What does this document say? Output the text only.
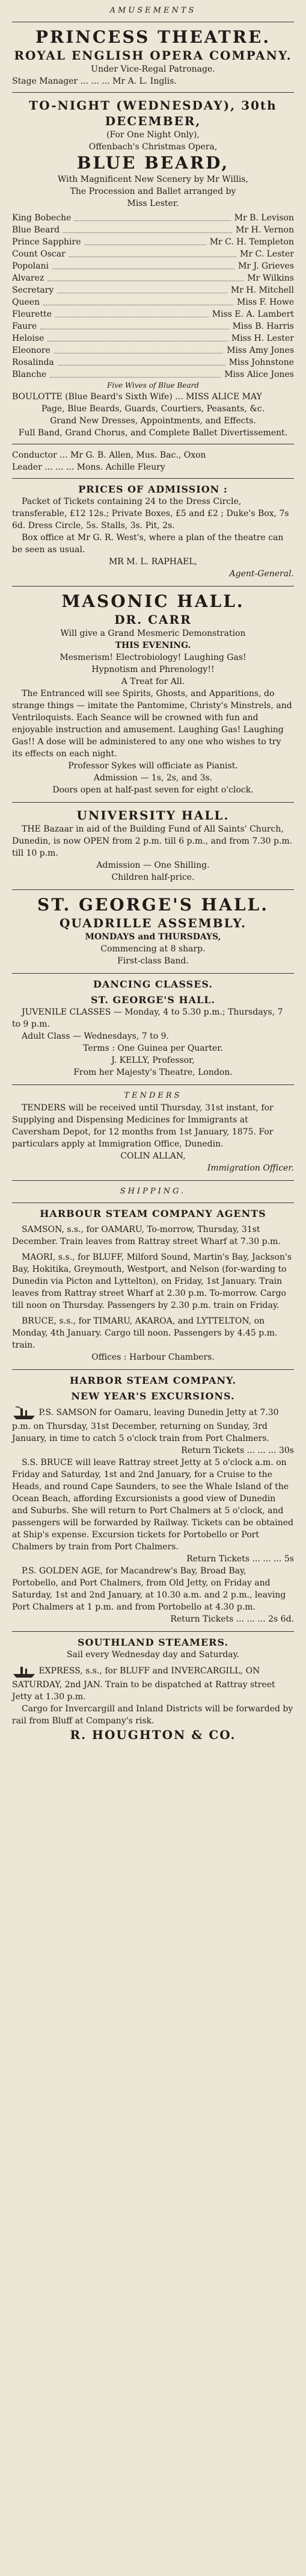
AMUSEMENTS
PRINCESS THEATRE.
ROYAL ENGLISH OPERA COMPANY.
Under Vice-Regal Patronage.
Stage Manager ... ... ... Mr A. L. Inglis.
TO-NIGHT (WEDNESDAY), 30th DECEMBER,
(For One Night Only),
Offenbach's Christmas Opera,
BLUE BEARD,
With Magnificent New Scenery by Mr Willis,
The Procession and Ballet arranged by
Miss Lester.
King Bobeche	Mr B. Levison
Blue Beard	Mr H. Vernon
Prince Sapphire	Mr C. H. Templeton
Count Oscar	Mr C. Lester
Popolani	Mr J. Grieves
Alvarez	Mr Wilkins
Secretary	Mr H. Mitchell
Queen	Miss F. Howe
Fleurette	Miss E. A. Lambert
Faure	Miss B. Harris
Heloise	Miss H. Lester
Eleonore	Miss Amy Jones
Rosalinda	Miss Johnstone
Blanche	Miss Alice Jones
Five Wives of Blue Beard
BOULOTTE (Blue Beard's Sixth Wife) ... MISS ALICE MAY
Page, Blue Beards, Guards, Courtiers, Peasants, &c.
Grand New Dresses, Appointments, and Effects.
Full Band, Grand Chorus, and Complete Ballet Divertissement.
Conductor ... Mr G. B. Allen, Mus. Bac., Oxon
Leader ... ... ... Mons. Achille Fleury
PRICES OF ADMISSION :
Packet of Tickets containing 24 to the Dress Circle, transferable, £12 12s.; Private Boxes, £5 and £2 ; Duke's Box, 7s 6d. Dress Circle, 5s. Stalls, 3s. Pit, 2s.
Box office at Mr G. R. West's, where a plan of the theatre can be seen as usual.
MR M. L. RAPHAEL,
Agent-General.
MASONIC HALL.
DR. CARR
Will give a Grand Mesmeric Demonstration
THIS EVENING.
Mesmerism! Electrobiology! Laughing Gas!
Hypnotism and Phrenology!!
A Treat for All.
The Entranced will see Spirits, Ghosts, and Apparitions, do strange things — imitate the Pantomime, Christy's Minstrels, and Ventriloquists. Each Seance will be crowned with fun and enjoyable instruction and amusement. Laughing Gas! Laughing Gas!! A dose will be administered to any one who wishes to try its effects on each night.
Professor Sykes will officiate as Pianist.
Admission — 1s, 2s, and 3s.
Doors open at half-past seven for eight o'clock.
UNIVERSITY HALL.
THE Bazaar in aid of the Building Fund of All Saints' Church, Dunedin, is now OPEN from 2 p.m. till 6 p.m., and from 7.30 p.m. till 10 p.m.
Admission — One Shilling.
Children half-price.
ST. GEORGE'S HALL.
QUADRILLE ASSEMBLY.
MONDAYS and THURSDAYS,
Commencing at 8 sharp.
First-class Band.
DANCING CLASSES.
ST. GEORGE'S HALL.
JUVENILE CLASSES — Monday, 4 to 5.30 p.m.; Thursdays, 7 to 9 p.m.
Adult Class — Wednesdays, 7 to 9.
Terms : One Guinea per Quarter.
J. KELLY, Professor,
From her Majesty's Theatre, London.
TENDERS
TENDERS will be received until Thursday, 31st instant, for Supplying and Dispensing Medicines for Immigrants at Caversham Depot, for 12 months from 1st January, 1875. For particulars apply at Immigration Office, Dunedin.
COLIN ALLAN,
Immigration Officer.
SHIPPING.
HARBOUR STEAM COMPANY AGENTS
SAMSON, s.s., for OAMARU, To-morrow, Thursday, 31st December. Train leaves from Rattray street Wharf at 7.30 p.m.
MAORI, s.s., for BLUFF, Milford Sound, Martin's Bay, Jackson's Bay, Hokitika, Greymouth, Westport, and Nelson (for-warding to Dunedin via Picton and Lyttelton), on Friday, 1st January. Train leaves from Rattray street Wharf at 2.30 p.m. To-morrow. Cargo till noon on Thursday. Passengers by 2.30 p.m. train on Friday.
BRUCE, s.s., for TIMARU, AKAROA, and LYTTELTON, on Monday, 4th January. Cargo till noon. Passengers by 4.45 p.m. train.
Offices : Harbour Chambers.
HARBOR STEAM COMPANY.
NEW YEAR'S EXCURSIONS.
P.S. SAMSON for Oamaru, leaving Dunedin Jetty at 7.30 p.m. on Thursday, 31st December, returning on Sunday, 3rd January, in time to catch 5 o'clock train from Port Chalmers.
Return Tickets ... ... ... 30s
S.S. BRUCE will leave Rattray street Jetty at 5 o'clock a.m. on Friday and Saturday, 1st and 2nd January, for a Cruise to the Heads, and round Cape Saunders, to see the Whale Island of the Ocean Beach, affording Excursionists a good view of Dunedin and Suburbs. She will return to Port Chalmers at 5 o'clock, and passengers will be forwarded by Railway. Tickets can be obtained at Ship's expense. Excursion tickets for Portobello or Port Chalmers by train from Port Chalmers.
Return Tickets ... ... ... 5s
P.S. GOLDEN AGE, for Macandrew's Bay, Broad Bay, Portobello, and Port Chalmers, from Old Jetty, on Friday and Saturday, 1st and 2nd January, at 10.30 a.m. and 2 p.m., leaving Port Chalmers at 1 p.m. and from Portobello at 4.30 p.m.
Return Tickets ... ... ... 2s 6d.
SOUTHLAND STEAMERS.
Sail every Wednesday day and Saturday.
EXPRESS, s.s., for BLUFF and INVERCARGILL, ON SATURDAY, 2nd JAN. Train to be dispatched at Rattray street Jetty at 1.30 p.m.
Cargo for Invercargill and Inland Districts will be forwarded by rail from Bluff at Company's risk.
R. HOUGHTON & CO.
